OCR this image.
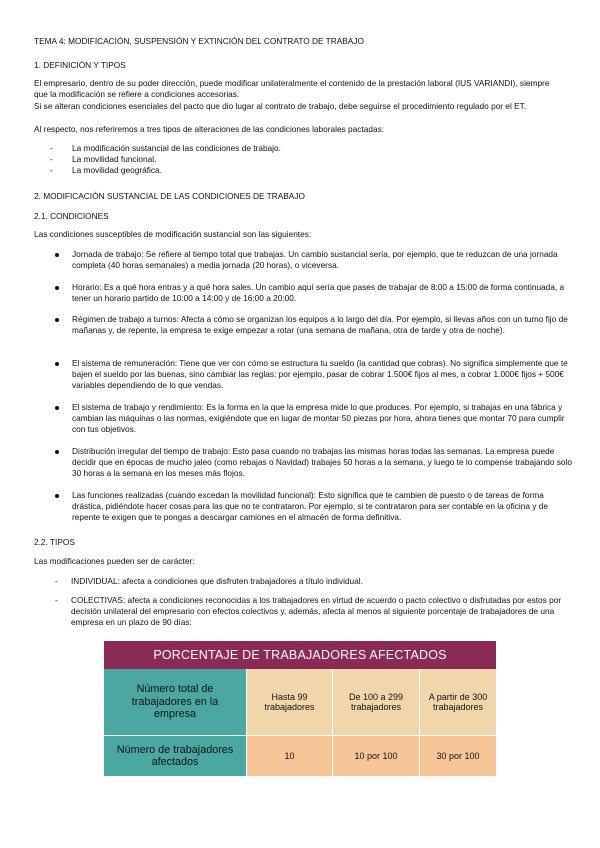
TEMA 4: MODIFICACIÓN, SUSPENSIÓN Y EXTINCIÓN DEL CONTRATO DE TRABAJO

1. DEFINICIÓN Y TIPOS

El empresario, dentro de su poder dirección, puede modificar unilateralmente el contenido de la prestación laboral (IUS VARIANDI), siempre que la modificación se refiere a condiciones accesorias.

Si se alteran condiciones esenciales del pacto que dio lugar al contrato de trabajo, debe seguirse el procedimiento regulado por el ET.

Al respecto, nos referiremos a tres tipos de alteraciones de las condiciones laborales pactadas:

- La modificación sustancial de las condiciones de trabajo.
- La movilidad funcional.
- La movilidad geográfica.

2. MODIFICACIÓN SUSTANCIAL DE LAS CONDICIONES DE TRABAJO

2.1. CONDICIONES

Las condiciones susceptibles de modificación sustancial son las siguientes:

Jornada de trabajo: Se refiere al tiempo total que trabajas. Un cambio sustancial sería, por ejemplo, que te reduzcan de una jornada completa (40 horas semanales) a media jornada (20 horas), o viceversa.
Horario: Es a qué hora entras y a qué hora sales. Un cambio aquí sería que pases de trabajar de 8:00 a 15:00 de forma continuada, a tener un horario partido de 10:00 a 14:00 y de 16:00 a 20:00.
Régimen de trabajo a turnos: Afecta a cómo se organizan los equipos a lo largo del día. Por ejemplo, si llevas años con un turno fijo de mañanas y, de repente, la empresa te exige empezar a rotar (una semana de mañana, otra de tarde y otra de noche).
El sistema de remuneración: Tiene que ver con cómo se estructura tu sueldo (la cantidad que cobras). No significa simplemente que te bajen el sueldo por las buenas, sino cambiar las reglas: por ejemplo, pasar de cobrar 1.500€ fijos al mes, a cobrar 1.000€ fijos + 500€ variables dependiendo de lo que vendas.
El sistema de trabajo y rendimiento: Es la forma en la que la empresa mide lo que produces. Por ejemplo, si trabajas en una fábrica y cambian las máquinas o las normas, exigiéndote que en lugar de montar 50 piezas por hora, ahora tienes que montar 70 para cumplir con tus objetivos.
Distribución irregular del tiempo de trabajo: Esto pasa cuando no trabajas las mismas horas todas las semanas. La empresa puede decidir que en épocas de mucho jaleo (como rebajas o Navidad) trabajes 50 horas a la semana, y luego te lo compense trabajando solo 30 horas a la semana en los meses más flojos.
Las funciones realizadas (cuando excedan la movilidad funcional): Esto significa que te cambien de puesto o de tareas de forma drástica, pidiéndote hacer cosas para las que no te contrataron. Por ejemplo, si te contrataron para ser contable en la oficina y de repente te exigen que te pongas a descargar camiones en el almacén de forma definitiva.

2.2. TIPOS

Las modificaciones pueden ser de carácter:

- INDIVIDUAL: afecta a condiciones que disfruten trabajadores a título individual.
- COLECTIVAS: afecta a condiciones reconocidas a los trabajadores en virtud de acuerdo o pacto colectivo o disfrutadas por estos por decisión unilateral del empresario con efectos colectivos y, además, afecta al menos al siguiente porcentaje de trabajadores de una empresa en un plazo de 90 días:
PORCENTAJE DE TRABAJADORES AFECTADOS
Número total de trabajadores en la empresa
Hasta 99 trabajadores
De 100 a 299 trabajadores
A partir de 300 trabajadores
Número de trabajadores afectados
10	10 por 100	30 por 100
